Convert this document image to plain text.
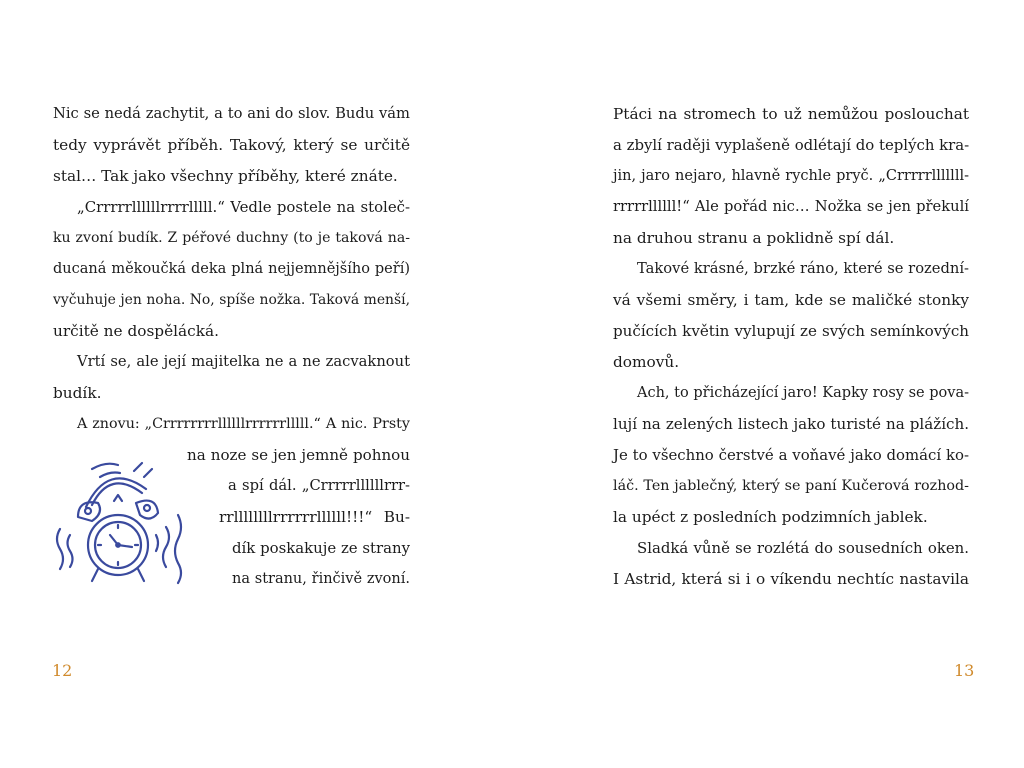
Nic se nedá zachytit, a to ani do slov. Budu vám
tedy vyprávět příběh. Takový, který se určitě
stal… Tak jako všechny příběhy, které znáte.
„Crrrrrllllllrrrrlllll.“ Vedle postele na stoleč-
ku zvoní budík. Z péřové duchny (to je taková na-
ducaná měkoučká deka plná nejjemnějšího peří)
vyčuhuje jen noha. No, spíše nožka. Taková menší,
určitě ne dospělácká.
Vrtí se, ale její majitelka ne a ne zacvaknout
budík.
A znovu: „Crrrrrrrrllllllrrrrrrlllll.“ A nic. Prsty
na noze se jen jemně pohnou
a spí dál. „Crrrrrllllllrrr-
rrllllllllrrrrrrllllll!!!“ Bu-
dík poskakuje ze strany
na stranu, řinčivě zvoní.
12
Ptáci na stromech to už nemůžou poslouchat
a zbylí raději vyplašeně odlétají do teplých kra-
jin, jaro nejaro, hlavně rychle pryč. „Crrrrrlllllll-
rrrrrllllll!“ Ale pořád nic… Nožka se jen překulí
na druhou stranu a poklidně spí dál.
Takové krásné, brzké ráno, které se rozední-
vá všemi směry, i tam, kde se maličké stonky
pučících květin vylupují ze svých semínkových
domovů.
Ach, to přicházející jaro! Kapky rosy se pova-
lují na zelených listech jako turisté na plážích.
Je to všechno čerstvé a voňavé jako domácí ko-
láč. Ten jablečný, který se paní Kučerová rozhod-
la upéct z posledních podzimních jablek.
Sladká vůně se rozlétá do sousedních oken.
I Astrid, která si i o víkendu nechtíc nastavila
13
